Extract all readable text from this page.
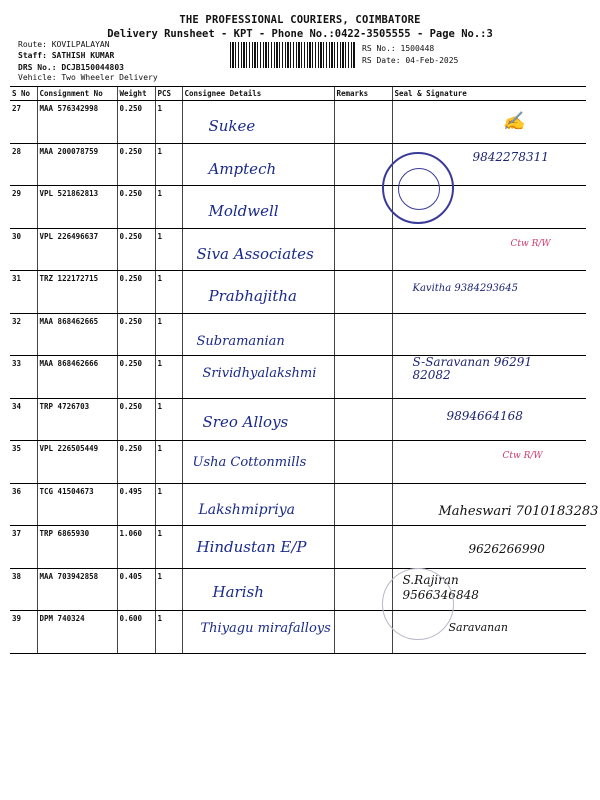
THE PROFESSIONAL COURIERS, COIMBATORE
Delivery Runsheet - KPT - Phone No.:0422-3505555 - Page No.:3
Route: KOVILPALAYAN
Staff: SATHISH KUMAR
DRS No.: DCJB150044803
Vehicle: Two Wheeler Delivery
RS No.: 1500448
RS Date: 04-Feb-2025
S No	Consignment No	Weight	PCS	Consignee Details	Remarks	Seal & Signature
27	MAA 576342998	0.250	1	Sukee		✍

28	MAA 200078759	0.250	1	Amptech		9842278311

29	VPL 521862813	0.250	1	Moldwell		

30	VPL 226496637	0.250	1	Siva Associates		Ctw R/W

31	TRZ 122172715	0.250	1	Prabhajitha		Kavitha 9384293645

32	MAA 868462665	0.250	1	Subramanian		

33	MAA 868462666	0.250	1	Srividhyalakshmi		S-Saravanan 96291 82082

34	TRP 4726703	0.250	1	Sreo Alloys		9894664168

35	VPL 226505449	0.250	1	Usha Cottonmills		Ctw R/W

36	TCG 41504673	0.495	1	Lakshmipriya		Maheswari 7010183283

37	TRP 6865930	1.060	1	Hindustan E/P		9626266990

38	MAA 703942858	0.405	1	Harish		S.Rajiran 9566346848

39	DPM 740324	0.600	1	Thiyagu mirafalloys		Saravanan
